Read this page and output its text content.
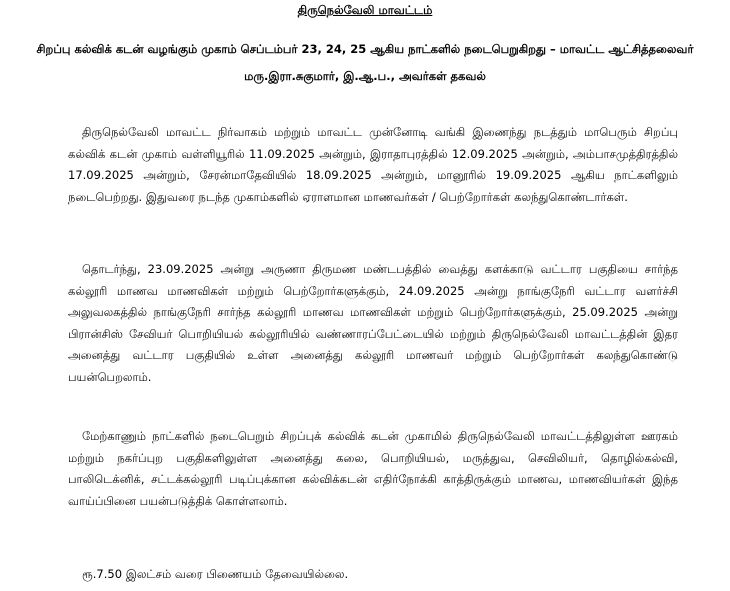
திருநெல்வேலி மாவட்டம்

சிறப்பு கல்விக் கடன் வழங்கும் முகாம் செப்டம்பர் 23, 24, 25 ஆகிய நாட்களில் நடைபெறுகிறது – மாவட்ட ஆட்சித்தலைவர் மரு.இரா.சுகுமார், இ.ஆ.ப., அவர்கள் தகவல்

திருநெல்வேலி மாவட்ட நிர்வாகம் மற்றும் மாவட்ட முன்னோடி வங்கி இணைந்து நடத்தும் மாபெரும் சிறப்பு கல்விக் கடன் முகாம் வள்ளியூரில் 11.09.2025 அன்றும், இராதாபுரத்தில் 12.09.2025 அன்றும், அம்பாசமுத்திரத்தில் 17.09.2025 அன்றும், சேரன்மாதேவியில் 18.09.2025 அன்றும், மானூரில் 19.09.2025 ஆகிய நாட்களிலும் நடைபெற்றது. இதுவரை நடந்த முகாம்களில் ஏராளமான மாணவர்கள் / பெற்றோர்கள் கலந்துகொண்டார்கள்.

தொடர்ந்து, 23.09.2025 அன்று அருணா திருமண மண்டபத்தில் வைத்து களக்காடு வட்டார பகுதியை சார்ந்த கல்லூரி மாணவ மாணவிகள் மற்றும் பெற்றோர்களுக்கும், 24.09.2025 அன்று நாங்குநேரி வட்டார வளர்ச்சி அலுவலகத்தில் நாங்குநேரி சார்ந்த கல்லூரி மாணவ மாணவிகள் மற்றும் பெற்றோர்களுக்கும், 25.09.2025 அன்று பிரான்சிஸ் சேவியர் பொறியியல் கல்லூரியில் வண்ணாரப்பேட்டையில் மற்றும் திருநெல்வேலி மாவட்டத்தின் இதர அனைத்து வட்டார பகுதியில் உள்ள அனைத்து கல்லூரி மாணவர் மற்றும் பெற்றோர்கள் கலந்துகொண்டு பயன்பெறலாம்.

மேற்காணும் நாட்களில் நடைபெறும் சிறப்புக் கல்விக் கடன் முகாமில் திருநெல்வேலி மாவட்டத்திலுள்ள ஊரகம் மற்றும் நகர்ப்புற பகுதிகளிலுள்ள அனைத்து கலை, பொறியியல், மருத்துவ, செவிலியர், தொழில்கல்வி, பாலிடெக்னிக், சட்டக்கல்லூரி படிப்புக்கான கல்விக்கடன் எதிர்நோக்கி காத்திருக்கும் மாணவ, மாணவியர்கள் இந்த வாய்ப்பினை பயன்படுத்திக் கொள்ளலாம்.

ரூ.7.50 இலட்சம் வரை பிணையம் தேவையில்லை.
